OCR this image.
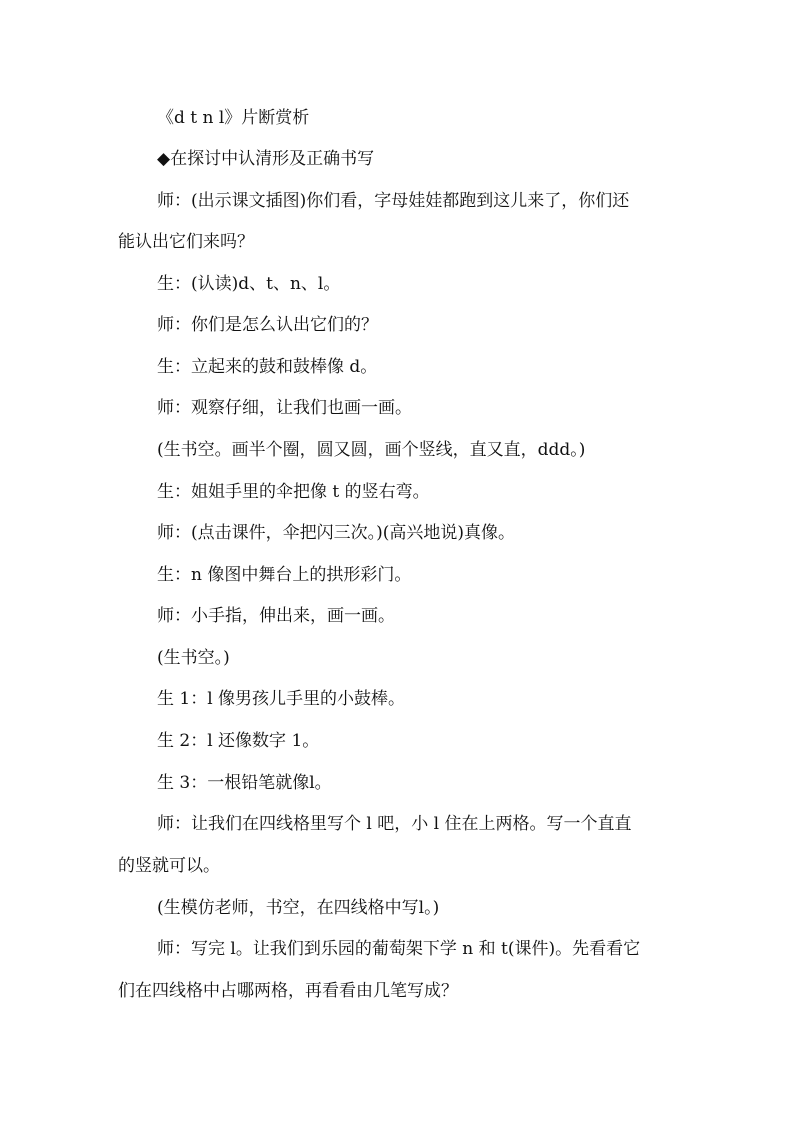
《d t n l》片断赏析
◆在探讨中认清形及正确书写
师：(出示课文插图)你们看，字母娃娃都跑到这儿来了，你们还
能认出它们来吗？
生：(认读)d、t、n、l。
师：你们是怎么认出它们的？
生：立起来的鼓和鼓棒像 d。
师：观察仔细，让我们也画一画。
(生书空。画半个圈，圆又圆，画个竖线，直又直，ddd。)
生：姐姐手里的伞把像 t 的竖右弯。
师：(点击课件，伞把闪三次。)(高兴地说)真像。
生：n 像图中舞台上的拱形彩门。
师：小手指，伸出来，画一画。
(生书空。)
生 1：l 像男孩儿手里的小鼓棒。
生 2：l 还像数字 1。
生 3：一根铅笔就像l。
师：让我们在四线格里写个 l 吧，小 l 住在上两格。写一个直直
的竖就可以。
(生模仿老师，书空，在四线格中写l。)
师：写完 l。让我们到乐园的葡萄架下学 n 和 t(课件)。先看看它
们在四线格中占哪两格，再看看由几笔写成？
